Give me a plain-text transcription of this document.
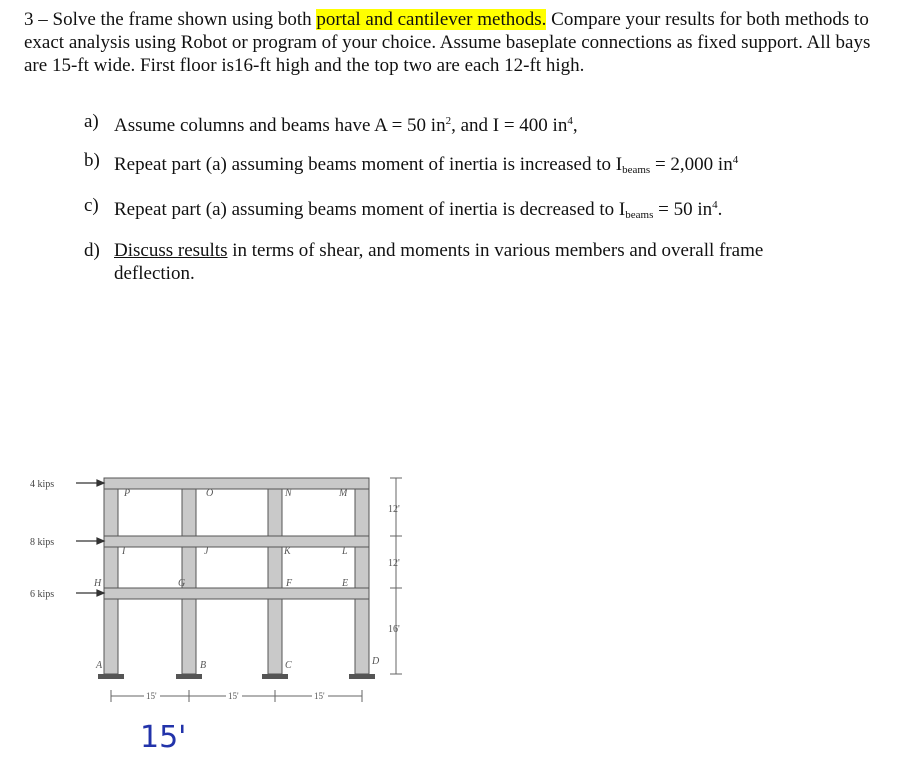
3 – Solve the frame shown using both portal and cantilever methods. Compare your results for both methods to exact analysis using Robot or program of your choice. Assume baseplate connections as fixed support. All bays are 15-ft wide. First floor is16-ft high and the top two are each 12-ft high.
a) Assume columns and beams have A = 50 $in^2$, and I = 400 $in^4$,
b) Repeat part (a) assuming beams moment of inertia is increased to $I_{beams} = 2,000$ $in^4$
c) Repeat part (a) assuming beams moment of inertia is decreased to $I_{beams} = 50$ $in^4$.
d) Discuss results in terms of shear, and moments in various members and overall frame deflection.
4 kips
8 kips
6 kips
P	O	N	M
I	J	K	L
H	G	F	E
A	B	C	D
12'
12'
16'
15'	15'	15'
15'
